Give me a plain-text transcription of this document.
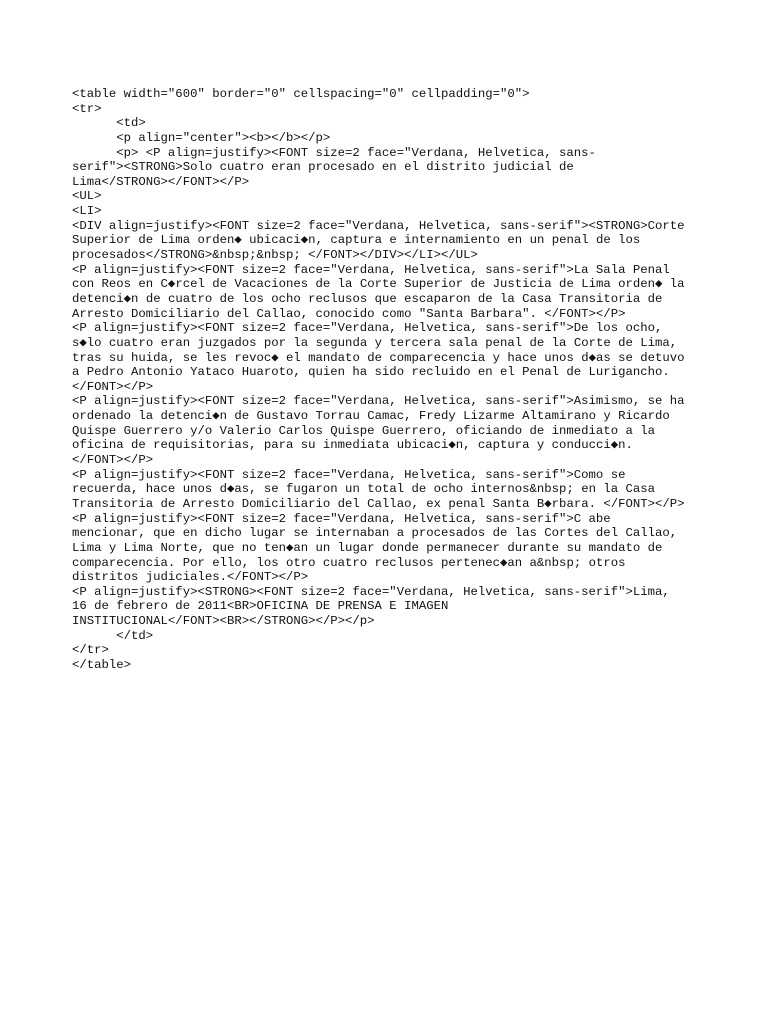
<table width="600" border="0" cellspacing="0" cellpadding="0">
<tr>
<td>
<p align="center"><b></b></p>
<p> <P align=justify><FONT size=2 face="Verdana, Helvetica, sans-
serif"><STRONG>Solo cuatro eran procesado en el distrito judicial de
Lima</STRONG></FONT></P>
<UL>
<LI>
<DIV align=justify><FONT size=2 face="Verdana, Helvetica, sans-serif"><STRONG>Corte
Superior de Lima orden◆ ubicaci◆n, captura e internamiento en un penal de los
procesados</STRONG>&nbsp;&nbsp; </FONT></DIV></LI></UL>
<P align=justify><FONT size=2 face="Verdana, Helvetica, sans-serif">La Sala Penal
con Reos en C◆rcel de Vacaciones de la Corte Superior de Justicia de Lima orden◆ la
detenci◆n de cuatro de los ocho reclusos que escaparon de la Casa Transitoria de
Arresto Domiciliario del Callao, conocido como "Santa Barbara". </FONT></P>
<P align=justify><FONT size=2 face="Verdana, Helvetica, sans-serif">De los ocho,
s◆lo cuatro eran juzgados por la segunda y tercera sala penal de la Corte de Lima,
tras su huida, se les revoc◆ el mandato de comparecencia y hace unos d◆as se detuvo
a Pedro Antonio Yataco Huaroto, quien ha sido recluido en el Penal de Lurigancho.
</FONT></P>
<P align=justify><FONT size=2 face="Verdana, Helvetica, sans-serif">Asimismo, se ha
ordenado la detenci◆n de Gustavo Torrau Camac, Fredy Lizarme Altamirano y Ricardo
Quispe Guerrero y/o Valerio Carlos Quispe Guerrero, oficiando de inmediato a la
oficina de requisitorias, para su inmediata ubicaci◆n, captura y conducci◆n.
</FONT></P>
<P align=justify><FONT size=2 face="Verdana, Helvetica, sans-serif">Como se
recuerda, hace unos d◆as, se fugaron un total de ocho internos&nbsp; en la Casa
Transitoria de Arresto Domiciliario del Callao, ex penal Santa B◆rbara. </FONT></P>
<P align=justify><FONT size=2 face="Verdana, Helvetica, sans-serif">C abe
mencionar, que en dicho lugar se internaban a procesados de las Cortes del Callao,
Lima y Lima Norte, que no ten◆an un lugar donde permanecer durante su mandato de
comparecencia. Por ello, los otro cuatro reclusos pertenec◆an a&nbsp; otros
distritos judiciales.</FONT></P>
<P align=justify><STRONG><FONT size=2 face="Verdana, Helvetica, sans-serif">Lima,
16 de febrero de 2011<BR>OFICINA DE PRENSA E IMAGEN
INSTITUCIONAL</FONT><BR></STRONG></P></p>
</td>
</tr>
</table>
